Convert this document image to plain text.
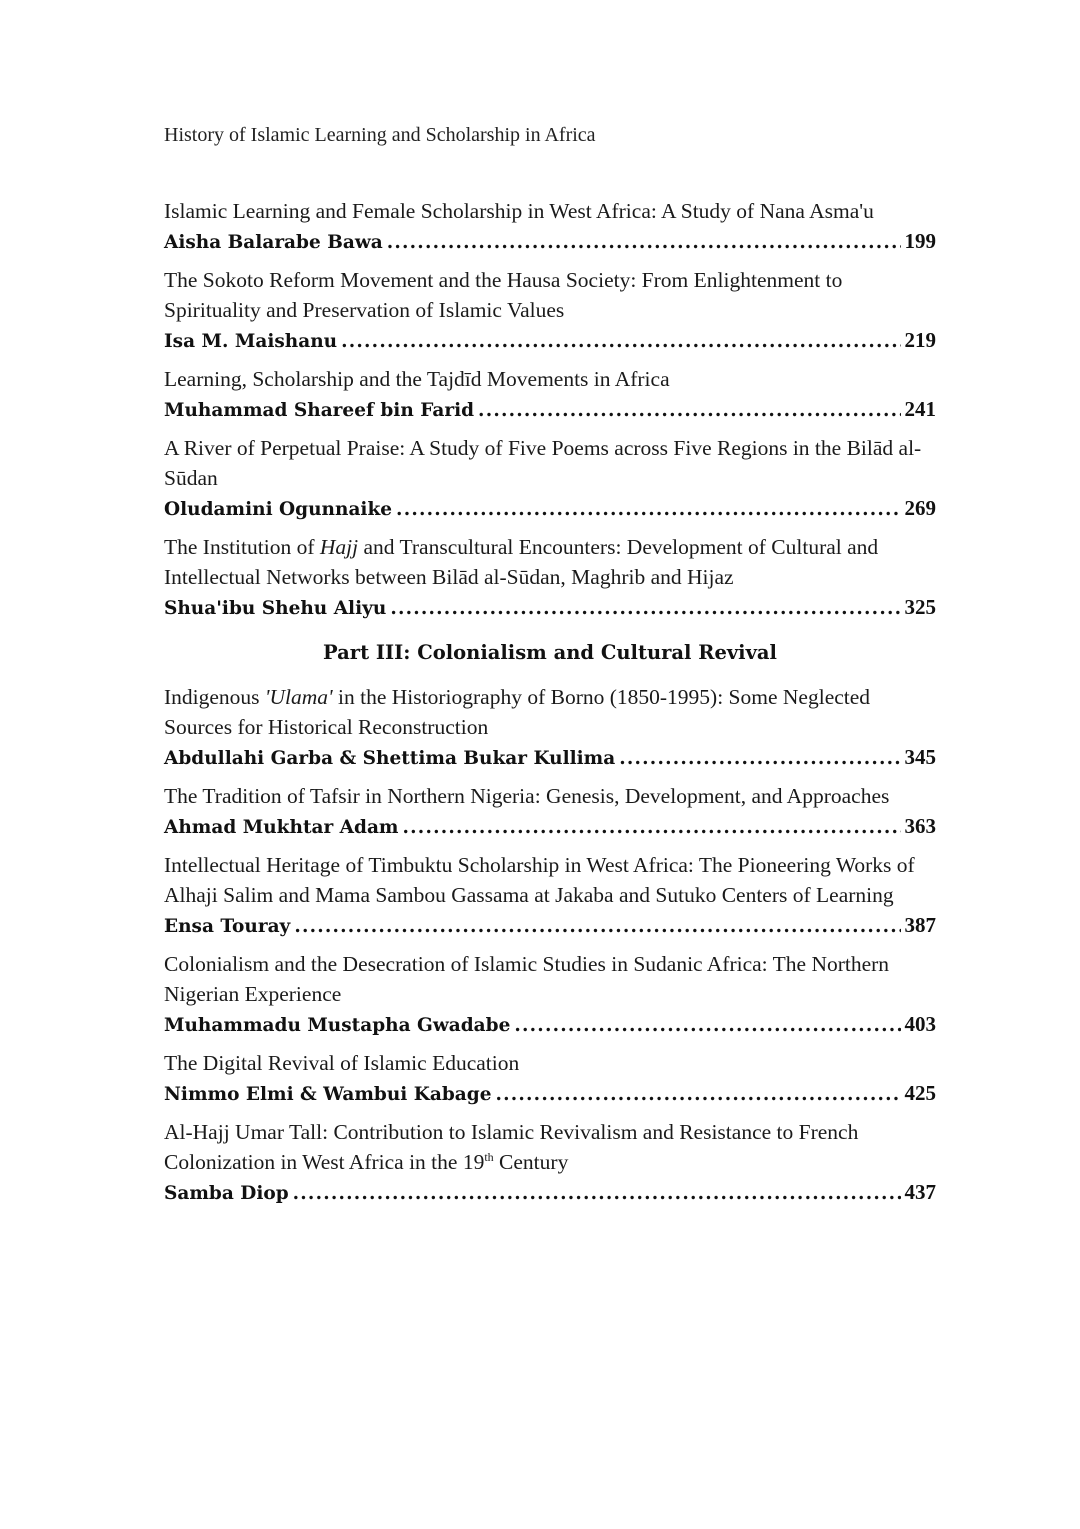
History of Islamic Learning and Scholarship in Africa
Islamic Learning and Female Scholarship in West Africa: A Study of Nana Asma'u
Aisha Balarabe Bawa .....	199
The Sokoto Reform Movement and the Hausa Society: From Enlightenment to Spirituality and Preservation of Islamic Values
Isa M. Maishanu .....	219
Learning, Scholarship and the Tajdīd Movements in Africa
Muhammad Shareef bin Farid .....	241
A River of Perpetual Praise: A Study of Five Poems across Five Regions in the Bilād al-Sūdan
Oludamini Ogunnaike .....	269
The Institution of Hajj and Transcultural Encounters: Development of Cultural and Intellectual Networks between Bilād al-Sūdan, Maghrib and Hijaz
Shua'ibu Shehu Aliyu .....	325
Part III: Colonialism and Cultural Revival
Indigenous 'Ulama' in the Historiography of Borno (1850-1995): Some Neglected Sources for Historical Reconstruction
Abdullahi Garba & Shettima Bukar Kullima .....	345
The Tradition of Tafsir in Northern Nigeria: Genesis, Development, and Approaches
Ahmad Mukhtar Adam .....	363
Intellectual Heritage of Timbuktu Scholarship in West Africa: The Pioneering Works of Alhaji Salim and Mama Sambou Gassama at Jakaba and Sutuko Centers of Learning
Ensa Touray .....	387
Colonialism and the Desecration of Islamic Studies in Sudanic Africa: The Northern Nigerian Experience
Muhammadu Mustapha Gwadabe .....	403
The Digital Revival of Islamic Education
Nimmo Elmi & Wambui Kabage .....	425
Al-Hajj Umar Tall: Contribution to Islamic Revivalism and Resistance to French Colonization in West Africa in the 19th Century
Samba Diop .....	437
